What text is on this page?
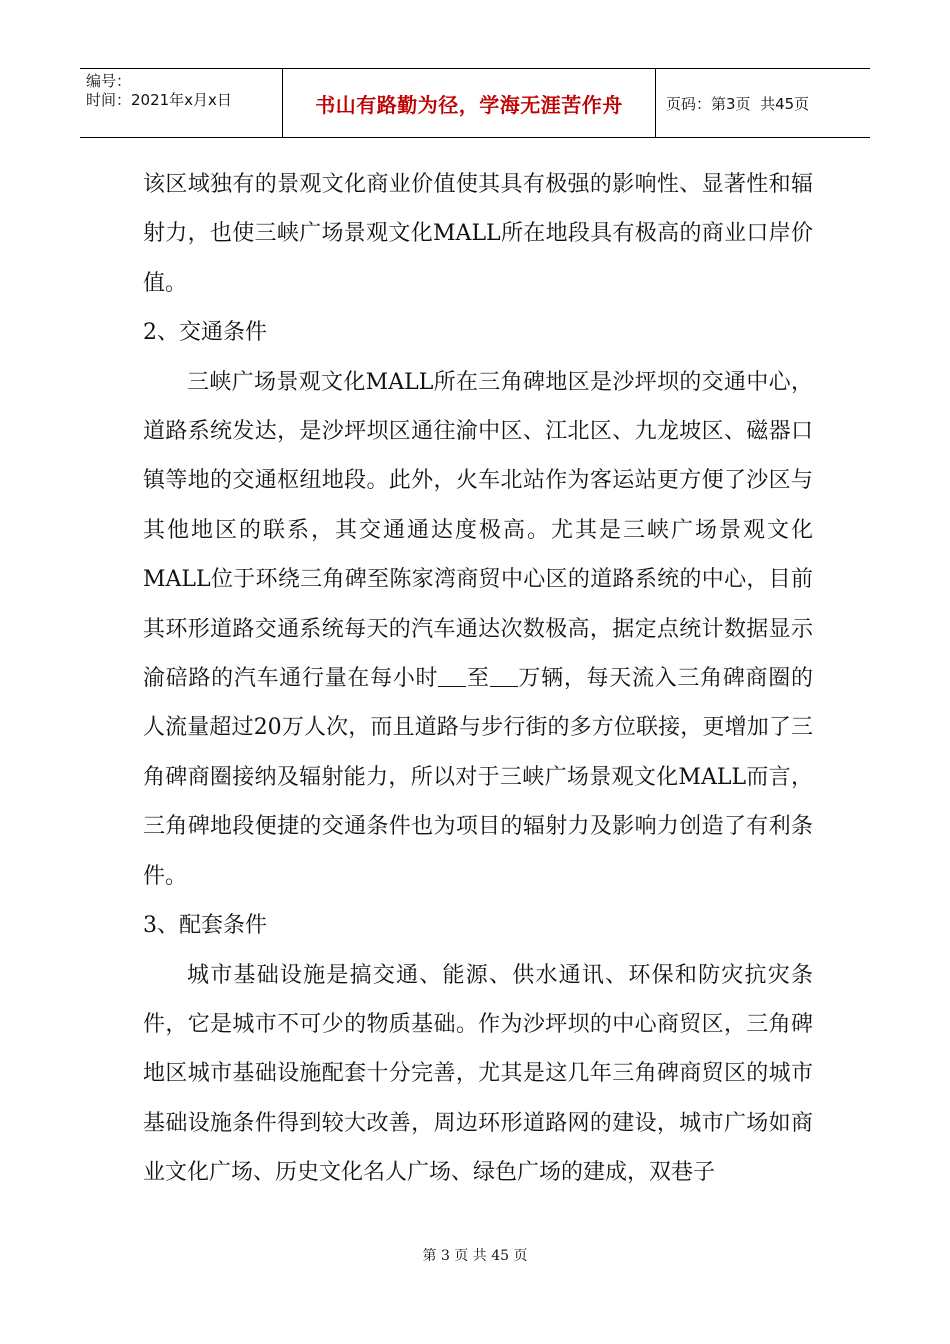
编号：
时间：2021年x月x日	书山有路勤为径，学海无涯苦作舟	页码：第3页  共45页

该区域独有的景观文化商业价值使其具有极强的影响性、显著性和辐射力，也使三峡广场景观文化MALL所在地段具有极高的商业口岸价值。

2、交通条件

三峡广场景观文化MALL所在三角碑地区是沙坪坝的交通中心，道路系统发达，是沙坪坝区通往渝中区、江北区、九龙坡区、磁器口镇等地的交通枢纽地段。此外，火车北站作为客运站更方便了沙区与其他地区的联系，其交通通达度极高。尤其是三峡广场景观文化MALL位于环绕三角碑至陈家湾商贸中心区的道路系统的中心，目前其环形道路交通系统每天的汽车通达次数极高，据定点统计数据显示渝碚路的汽车通行量在每小时 至 万辆，每天流入三角碑商圈的人流量超过20万人次，而且道路与步行街的多方位联接，更增加了三角碑商圈接纳及辐射能力，所以对于三峡广场景观文化MALL而言，三角碑地段便捷的交通条件也为项目的辐射力及影响力创造了有利条件。

3、配套条件

城市基础设施是搞交通、能源、供水通讯、环保和防灾抗灾条件，它是城市不可少的物质基础。作为沙坪坝的中心商贸区，三角碑地区城市基础设施配套十分完善，尤其是这几年三角碑商贸区的城市基础设施条件得到较大改善，周边环形道路网的建设，城市广场如商业文化广场、历史文化名人广场、绿色广场的建成，双巷子

第 3 页 共 45 页
